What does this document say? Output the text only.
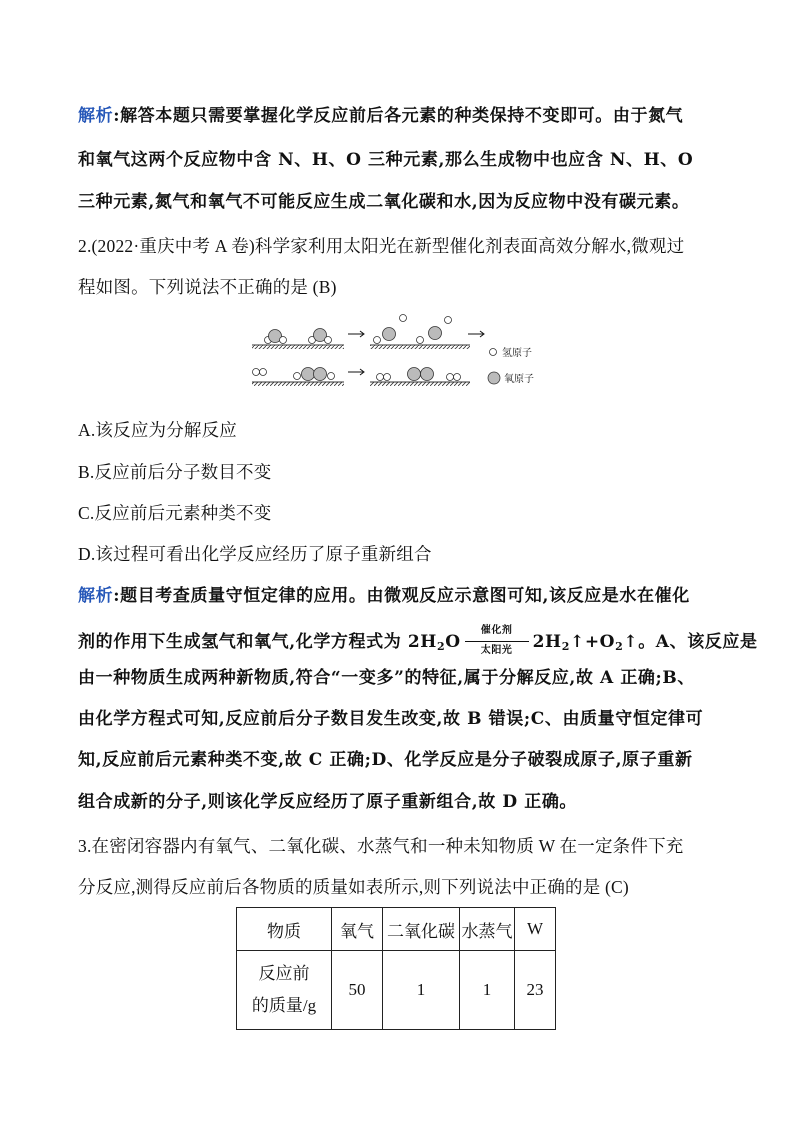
解析:解答本题只需要掌握化学反应前后各元素的种类保持不变即可。由于氮气
和氧气这两个反应物中含 N、H、O 三种元素,那么生成物中也应含 N、H、O
三种元素,氮气和氧气不可能反应生成二氧化碳和水,因为反应物中没有碳元素。
2.(2022·重庆中考 A 卷)科学家利用太阳光在新型催化剂表面高效分解水,微观过
程如图。下列说法不正确的是 (B)
氢原子
氧原子
A.该反应为分解反应
B.反应前后分子数目不变
C.反应前后元素种类不变
D.该过程可看出化学反应经历了原子重新组合
解析:题目考查质量守恒定律的应用。由微观反应示意图可知,该反应是水在催化
剂的作用下生成氢气和氧气,化学方程式为 $2H_2O$
催化剂
太阳光	$2H_2↑+O_2↑$。A、该反应是
由一种物质生成两种新物质,符合“一变多”的特征,属于分解反应,故 A 正确;B、
由化学方程式可知,反应前后分子数目发生改变,故 B 错误;C、由质量守恒定律可
知,反应前后元素种类不变,故 C 正确;D、化学反应是分子破裂成原子,原子重新
组合成新的分子,则该化学反应经历了原子重新组合,故 D 正确。
3.在密闭容器内有氧气、二氧化碳、水蒸气和一种未知物质 W 在一定条件下充
分反应,测得反应前后各物质的质量如表所示,则下列说法中正确的是 (C)
物质	氧气	二氧化碳	水蒸气	W

反应前
的质量/g	50	1	1	23
